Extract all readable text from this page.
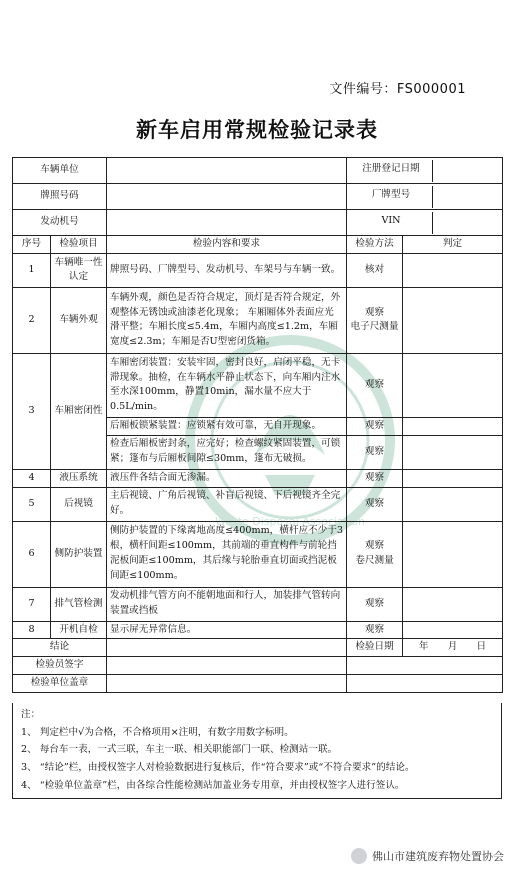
文件编号：FS000001
新车启用常规检验记录表
Waste Disposal Association
车辆单位			注册登记日期	

牌照号码			厂牌型号	

发动机号			VIN	

序号	检验项目	检验内容和要求	检验方法	判定
1	车辆唯一性认定	牌照号码、厂牌型号、发动机号、车架号与车辆一致。	核对	
2	车辆外观	车辆外观，颜色是否符合规定，顶灯是否符合规定，外观整体无锈蚀或油漆老化现象； 车厢厢体外表面应光滑平整；车厢长度≤5.4m，车厢内高度≤1.2m，车厢宽度≤2.3m；车厢是否U型密闭货箱。	观察
电子尺测量	
3	车厢密闭性	车厢密闭装置：安装牢固，密封良好，启闭平稳，无卡滞现象。抽检，在车辆水平静止状态下，向车厢内注水至水深100mm，静置10min，漏水量不应大于0.5L/min。	观察	
		后厢板锁紧装置：应锁紧有效可靠，无自开现象。	观察	
		检查后厢板密封条，应完好；检查螺纹紧固装置，可锁紧；篷布与后厢板间隙≤30mm，篷布无破损。	观察	
4	液压系统	液压件各结合面无渗漏。	观察	
5	后视镜	主后视镜、广角后视镜、补盲后视镜、下后视镜齐全完好。	观察	
6	侧防护装置	侧防护装置的下缘离地高度≤400mm，横杆应不少于3根，横杆间距≤100mm，其前端的垂直构件与前轮挡泥板间距≤100mm，其后缘与轮胎垂直切面或挡泥板间距≤100mm。	观察
卷尺测量	
7	排气管检测	发动机排气管方向不能朝地面和行人，加装排气管转向装置或挡板	观察	
8	开机自检	显示屏无异常信息。	观察	
结论			检验日期	年　　月　　日
检验员签字				
检验单位盖章				
注：
1、 判定栏中√为合格，不合格项用×注明，有数字用数字标明。
2、 每台车一表，一式三联，车主一联、相关职能部门一联、检测站一联。
3、 “结论”栏，由授权签字人对检验数据进行复核后，作“符合要求”或“不符合要求”的结论。
4、 “检验单位盖章”栏，由各综合性能检测站加盖业务专用章，并由授权签字人进行签认。
佛山市建筑废弃物处置协会
